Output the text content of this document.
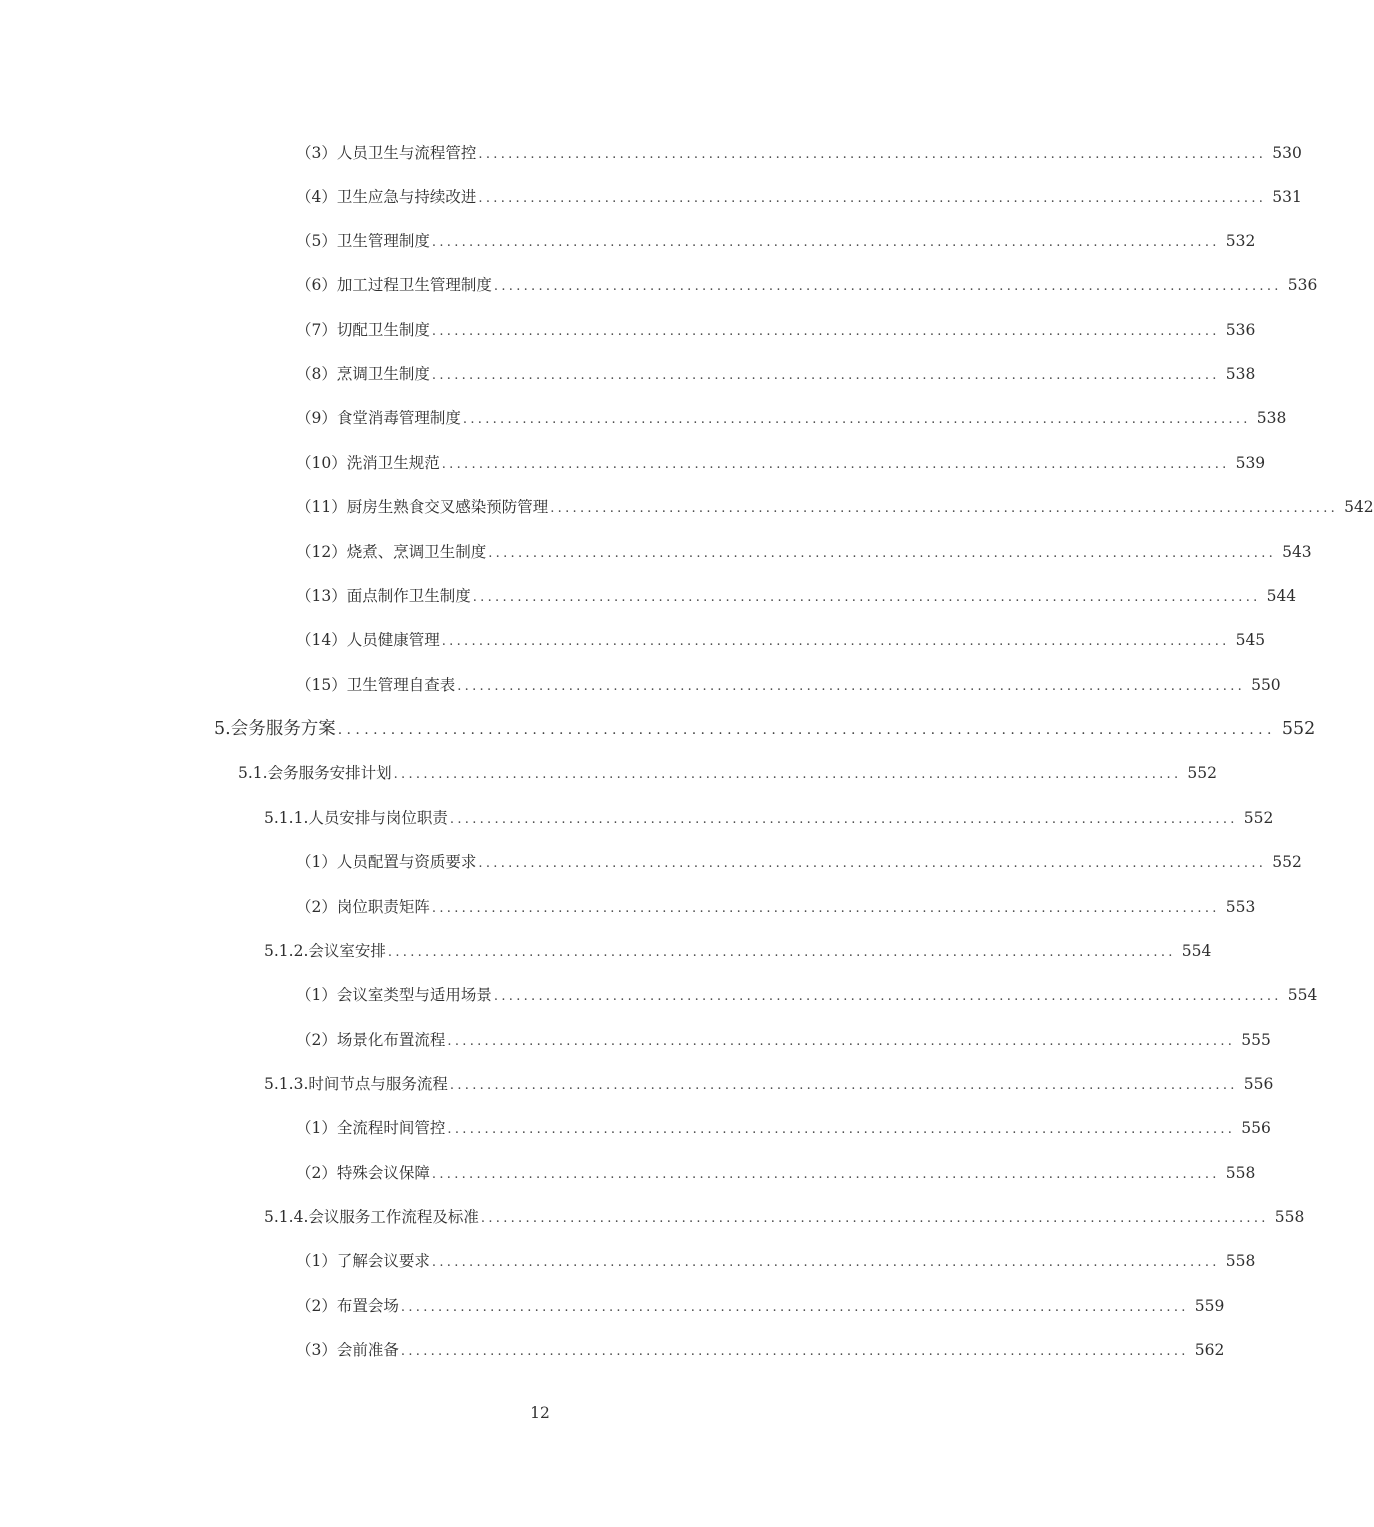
（3） 人员卫生与流程管控 .......................................................................................................... 530
（4） 卫生应急与持续改进 .......................................................................................................... 531
（5） 卫生管理制度 .......................................................................................................... 532
（6） 加工过程卫生管理制度 .......................................................................................................... 536
（7） 切配卫生制度 .......................................................................................................... 536
（8） 烹调卫生制度 .......................................................................................................... 538
（9） 食堂消毒管理制度 .......................................................................................................... 538
（10） 洗消卫生规范 .......................................................................................................... 539
（11） 厨房生熟食交叉感染预防管理 .......................................................................................................... 542
（12） 烧煮、烹调卫生制度 .......................................................................................................... 543
（13） 面点制作卫生制度 .......................................................................................................... 544
（14） 人员健康管理 .......................................................................................................... 545
（15） 卫生管理自查表 .......................................................................................................... 550
5. 会务服务方案 .......................................................................................................... 552
5.1. 会务服务安排计划 .......................................................................................................... 552
5.1.1. 人员安排与岗位职责 .......................................................................................................... 552
（1） 人员配置与资质要求 .......................................................................................................... 552
（2） 岗位职责矩阵 .......................................................................................................... 553
5.1.2. 会议室安排 .......................................................................................................... 554
（1） 会议室类型与适用场景 .......................................................................................................... 554
（2） 场景化布置流程 .......................................................................................................... 555
5.1.3. 时间节点与服务流程 .......................................................................................................... 556
（1） 全流程时间管控 .......................................................................................................... 556
（2） 特殊会议保障 .......................................................................................................... 558
5.1.4. 会议服务工作流程及标准 .......................................................................................................... 558
（1） 了解会议要求 .......................................................................................................... 558
（2） 布置会场 .......................................................................................................... 559
（3） 会前准备 .......................................................................................................... 562
12
